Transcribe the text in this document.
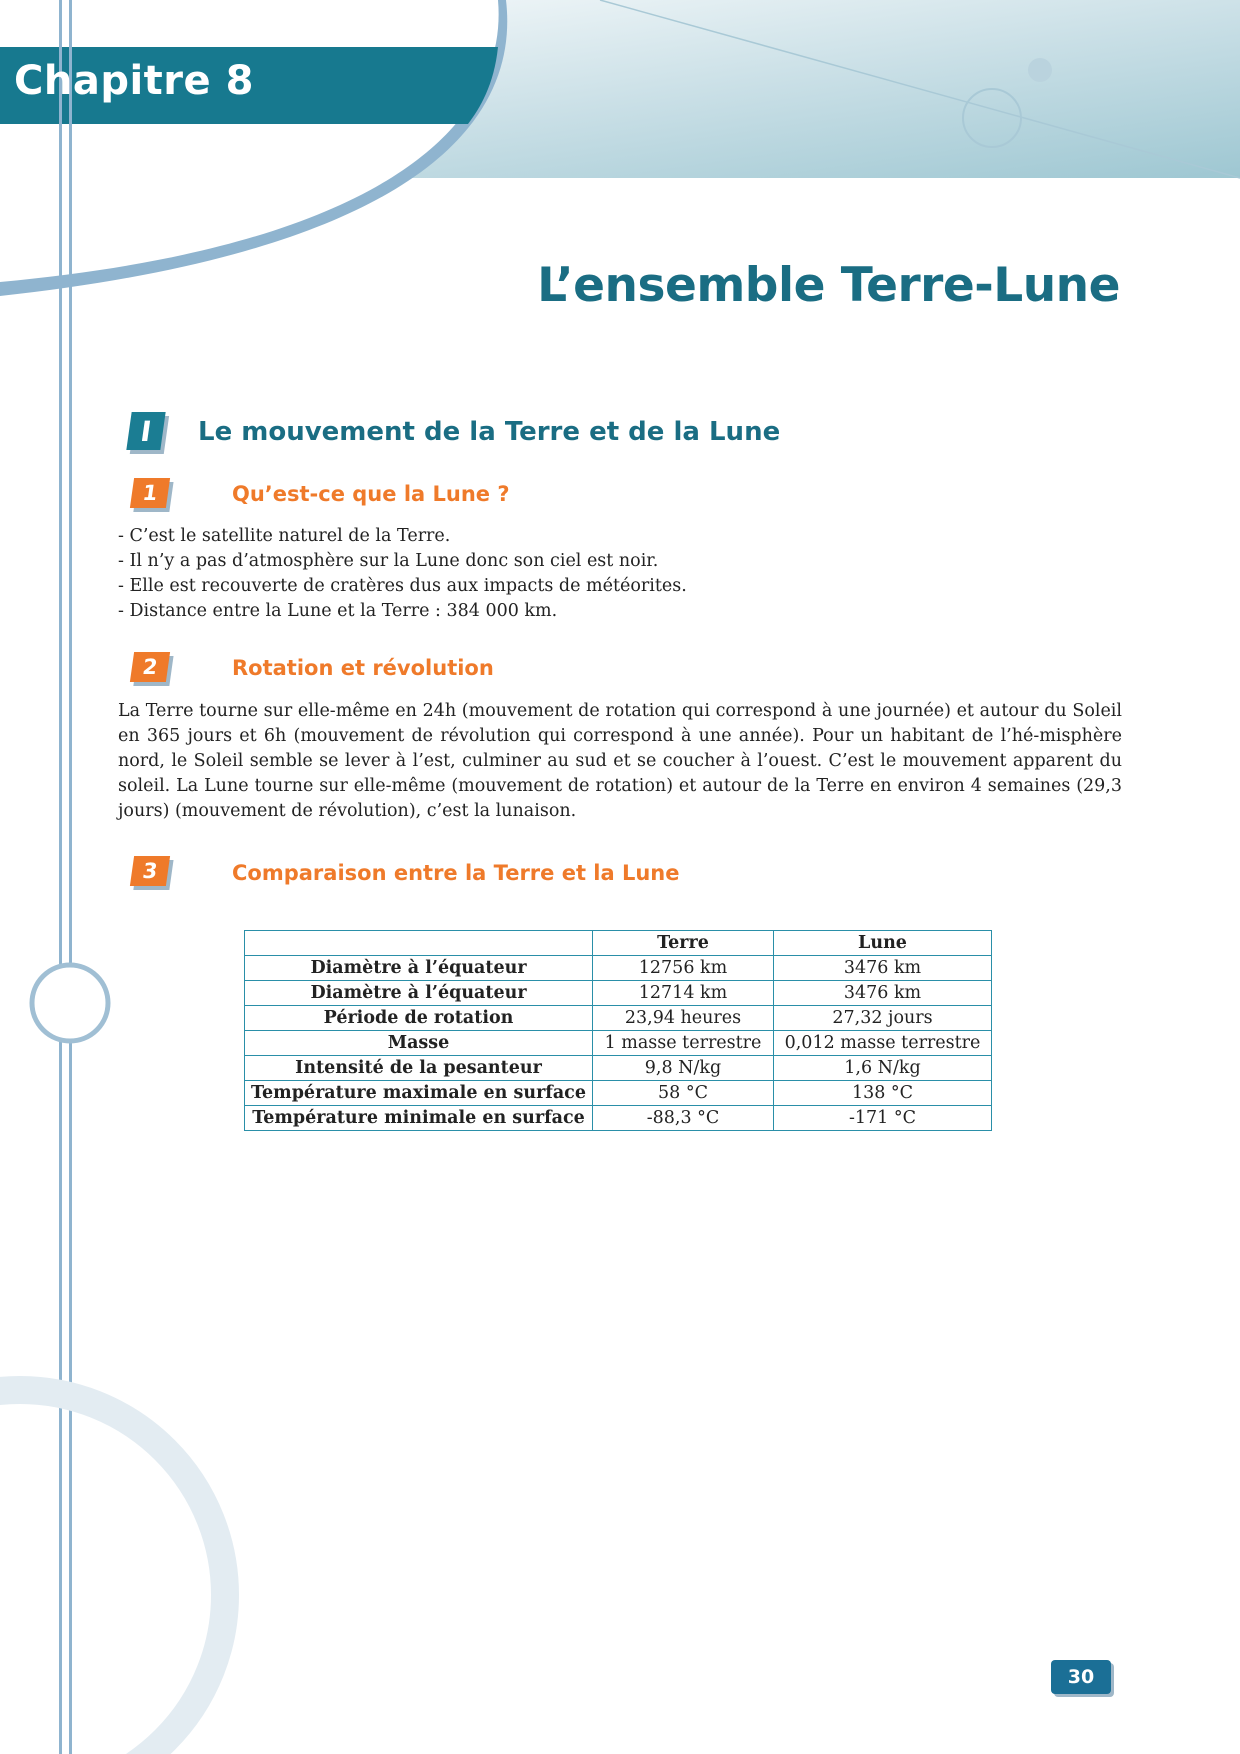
Chapitre 8
L’ensemble Terre-Lune
I	Le mouvement de la Terre et de la Lune
1	Qu’est-ce que la Lune ?
- C’est le satellite naturel de la Terre.
- Il n’y a pas d’atmosphère sur la Lune donc son ciel est noir.
- Elle est recouverte de cratères dus aux impacts de météorites.
- Distance entre la Lune et la Terre : 384 000 km.
2	Rotation et révolution

La Terre tourne sur elle-même en 24h (mouvement de rotation qui correspond à une journée) et autour du Soleil en 365 jours et 6h (mouvement de révolution qui correspond à une année). Pour un habitant de l’hé-misphère nord, le Soleil semble se lever à l’est, culminer au sud et se coucher à l’ouest. C’est le mouvement apparent du soleil. La Lune tourne sur elle-même (mouvement de rotation) et autour de la Terre en environ 4 semaines (29,3 jours) (mouvement de révolution), c’est la lunaison.

3	Comparaison entre la Terre et la Lune
	Terre	Lune
Diamètre à l’équateur	12756 km	3476 km
Diamètre à l’équateur	12714 km	3476 km
Période de rotation	23,94 heures	27,32 jours
Masse	1 masse terrestre	0,012 masse terrestre
Intensité de la pesanteur	9,8 N/kg	1,6 N/kg
Température maximale en surface	58 °C	138 °C
Température minimale en surface	-88,3 °C	-171 °C
30
